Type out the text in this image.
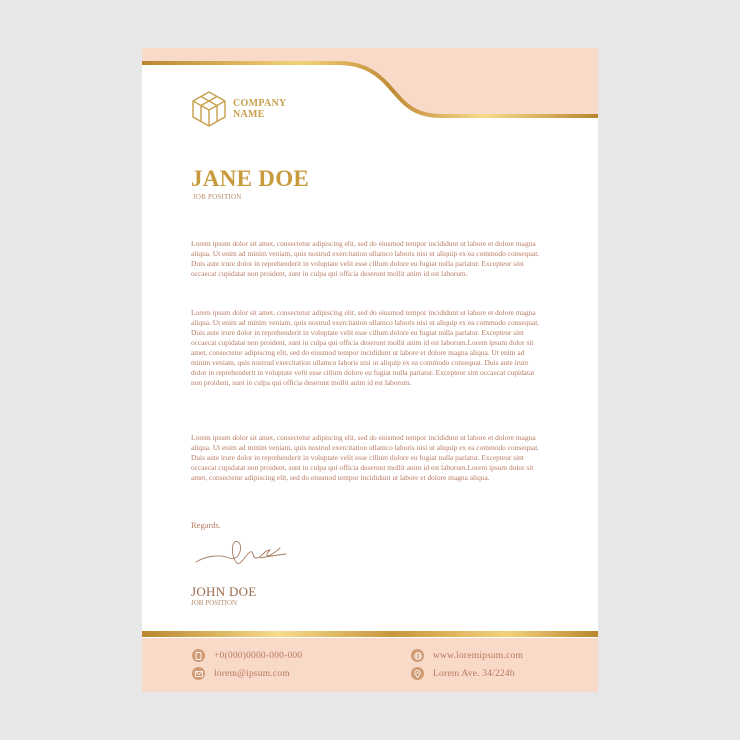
COMPANY
NAME
JANE DOE
JOB POSITION

Lorem ipsum dolor sit amet, consectetur adipiscing elit, sed do eiusmod tempor incididunt ut labore et dolore magna aliqua. Ut enim ad minim veniam, quis nostrud exercitation ullamco laboris nisi ut aliquip ex ea commodo consequat. Duis aute irure dolor in reprehenderit in voluptate velit esse cillum dolore eu fugiat nulla pariatur. Excepteur sint occaecat cupidatat non proident, sunt in culpa qui officia deserunt mollit anim id est laborum.

Lorem ipsum dolor sit amet, consectetur adipiscing elit, sed do eiusmod tempor incididunt ut labore et dolore magna aliqua. Ut enim ad minim veniam, quis nostrud exercitation ullamco laboris nisi ut aliquip ex ea commodo consequat. Duis aute irure dolor in reprehenderit in voluptate velit esse cillum dolore eu fugiat nulla pariatur. Excepteur sint occaecat cupidatat non proident, sunt in culpa qui officia deserunt mollit anim id est laborum.Lorem ipsum dolor sit amet, consectetur adipiscing elit, sed do eiusmod tempor incididunt ut labore et dolore magna aliqua. Ut enim ad minim veniam, quis nostrud exercitation ullamco laboris nisi ut aliquip ex ea commodo consequat. Duis aute irure dolor in reprehenderit in voluptate velit esse cillum dolore eu fugiat nulla pariatur. Excepteur sint occaecat cupidatat non proident, sunt in culpa qui officia deserunt mollit anim id est laborum.

Lorem ipsum dolor sit amet, consectetur adipiscing elit, sed do eiusmod tempor incididunt ut labore et dolore magna aliqua. Ut enim ad minim veniam, quis nostrud exercitation ullamco laboris nisi ut aliquip ex ea commodo consequat. Duis aute irure dolor in reprehenderit in voluptate velit esse cillum dolore eu fugiat nulla pariatur. Excepteur sint occaecat cupidatat non proident, sunt in culpa qui officia deserunt mollit anim id est laborum.Lorem ipsum dolor sit amet, consectetur adipiscing elit, sed do eiusmod tempor incididunt ut labore et dolore magna aliqua.

Regards.
JOHN DOE
JOB POSITION
+0(000)0000-000-000
lorem@ipsum.com
www.loremipsum.com
Lorem Ave. 34/224b
